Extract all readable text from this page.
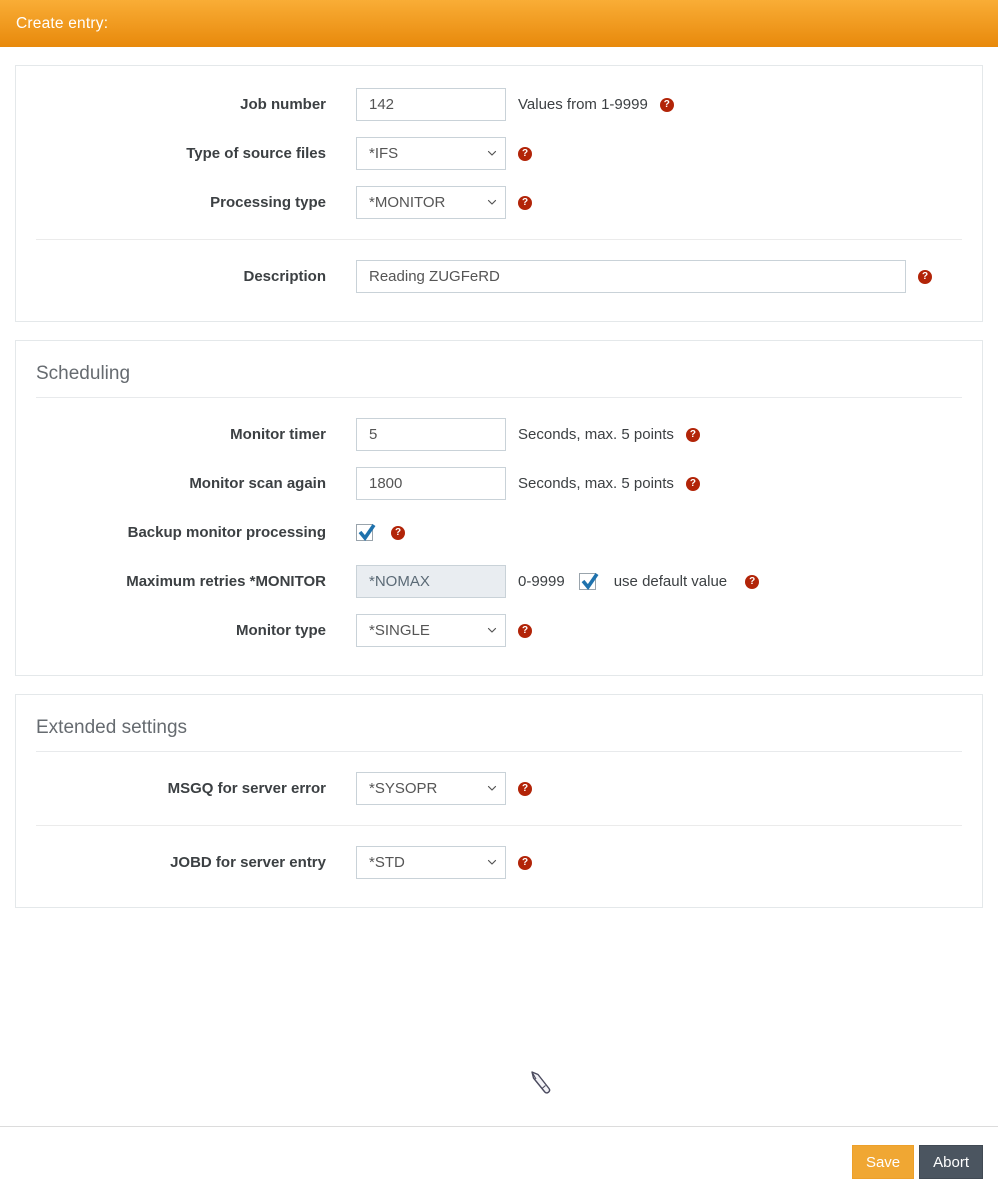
Create entry:
Job number
142	Values from 1-9999	?
Type of source files
*IFS	?
Processing type
*MONITOR	?
Description
Reading ZUGFeRD	?
Scheduling
Monitor timer
5	Seconds, max. 5 points	?
Monitor scan again
1800	Seconds, max. 5 points	?
Backup monitor processing	?
Maximum retries *MONITOR
*NOMAX	0-9999	use default value	?
Monitor type
*SINGLE	?
Extended settings
MSGQ for server error
*SYSOPR	?
JOBD for server entry
*STD	?
Save	Abort
